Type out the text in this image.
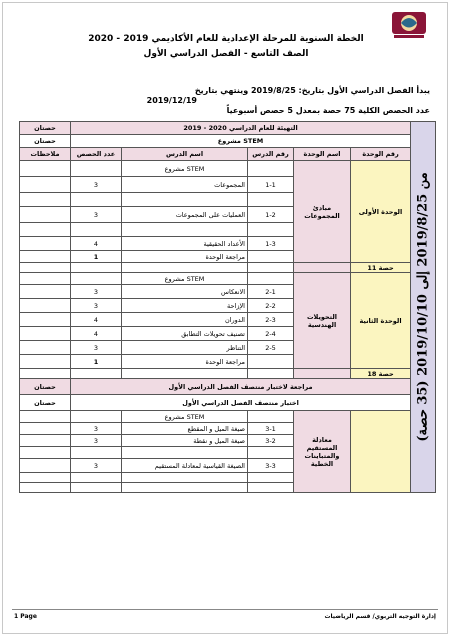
الخطة السنوية للمرحلة الإعدادية للعام الأكاديمي 2019 - 2020
الصف التاسع - الفصل الدراسي الأول
يبدأ الفصل الدراسي الأول بتاريخ: 2019/8/25 وينتهي بتاريخ
2019/12/19
عدد الحصص الكلية 75 حصة بمعدل 5 حصص أسبوعياً
حصتان	التهيئة للعام الدراسي 2020 - 2019				
حصتان	مشروع STEM				
ملاحظات	عدد الحصص	اسم الدرس	رقم الدرس	اسم الوحدة	رقم الوحدة
		مشروع STEM		مبادئ المجموعات	الوحدة الأولى
	3	المجموعات	1-1		

	3	العمليات على المجموعات	1-2		

	4	الأعداد الحقيقية	1-3		
	1	مراجعة الوحدة			
					11 حصة
		مشروع STEM		التحويلات الهندسية	الوحدة الثانية
	3	الانعكاس	2-1		
	3	الإزاحة	2-2		
	4	الدوران	2-3		
	4	تصنيف تحويلات التطابق	2-4		
	3	التناظر	2-5		
	1	مراجعة الوحدة			
					18 حصة
حصتان	مراجعة لاختبار منتصف الفصل الدراسي الأول				
حصتان	اختبار منتصف الفصل الدراسي الأول				
		مشروع STEM		معادلة المستقيم والمتباينات الخطية	
	3	صيغة الميل و المقطع	3-1		
	3	صيغة الميل و نقطة	3-2		

	3	الصيغة القياسية لمعادلة المستقيم	3-3		

من 2019/8/25 إلى 2019/10/10 (35 حصة)
1 Page	إدارة التوجيه التربوي/ قسم الرياضيات
